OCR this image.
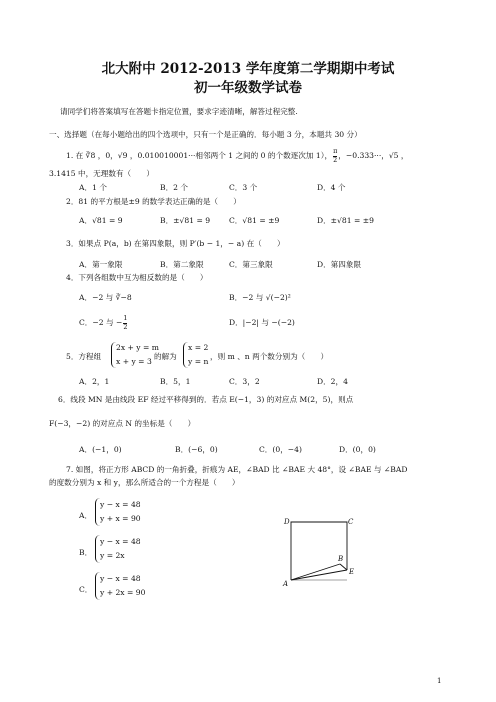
北大附中 2012-2013 学年度第二学期期中考试
初一年级数学试卷
请同学们将答案填写在答题卡指定位置，要求字迹清晰，解答过程完整.
一、选择题（在每小题给出的四个选项中，只有一个是正确的．每小题 3 分，本题共 30 分）
1. 在 ∛8 ，0，√9 ，0.010010001···相邻两个 1 之间的 0 的个数逐次加 1）， $\frac{\pi}{2}$ ，−0.333···，√5 ，
3.1415 中，无理数有（　　）
A．1 个	B．2 个	C．3 个	D．4 个
2．81 的平方根是±9 的数学表达正确的是（　　）
A．√81 = 9	B．±√81 = 9 C．√81 = ±9	D．±√81 = ±9
3．如果点 P(a，b) 在第四象限，则 P′(b − 1，− a) 在（　　）
A．第一象限	B．第二象限	C．第三象限	D．第四象限
4．下列各组数中互为相反数的是（　　）
A．−2 与 ∛−8	B．−2 与 √(−2)²
C．−2 与 − $\frac{1}{2}$	D．|−2| 与 −(−2)
5．方程组
2x + y = m
x + y = 3
的解为
x = 2
y = n
，则 m 、n 两个数分别为（　　）
A．2，1	B．5，1	C．3，2	D．2，4
6．线段 MN 是由线段 EF 经过平移得到的．若点 E(−1，3) 的对应点 M(2，5)，则点
F(−3，−2) 的对应点 N 的坐标是（　　）
A．(−1，0)	B．(−6，0)	C．(0，−4)	D．(0，0)
7. 如图，将正方形 ABCD 的一角折叠，折痕为 AE，∠BAD 比 ∠BAE 大 48°，设 ∠BAE 与 ∠BAD
的度数分别为 x 和 y，那么所适合的一个方程是（　　）
A．
y − x = 48
y + x = 90
B．
y − x = 48
y = 2x
C．
y − x = 48
y + 2x = 90
D	C
A
B
E
1
